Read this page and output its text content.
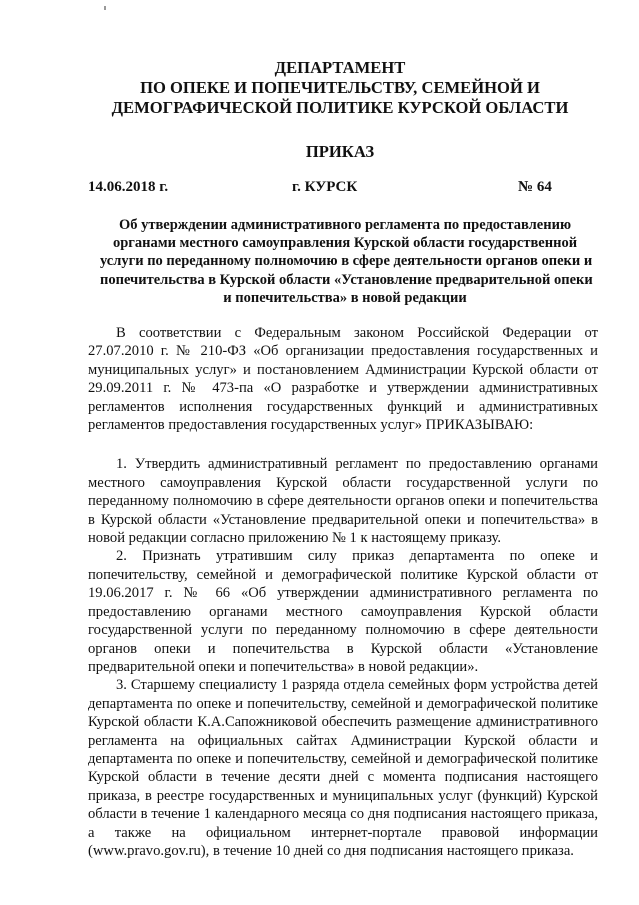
ДЕПАРТАМЕНТ
ПО ОПЕКЕ И ПОПЕЧИТЕЛЬСТВУ, СЕМЕЙНОЙ И
ДЕМОГРАФИЧЕСКОЙ ПОЛИТИКЕ КУРСКОЙ ОБЛАСТИ
ПРИКАЗ
14.06.2018 г.	г. КУРСК	№ 64
Об утверждении административного регламента по предоставлению
органами местного самоуправления Курской области государственной
услуги по переданному полномочию в сфере деятельности органов опеки и
попечительства в Курской области «Установление предварительной опеки
и попечительства» в новой редакции

В соответствии с Федеральным законом Российской Федерации от 27.07.2010 г. № 210-ФЗ «Об организации предоставления государственных и муниципальных услуг» и постановлением Администрации Курской области от 29.09.2011 г. № 473-па «О разработке и утверждении административных регламентов исполнения государственных функций и административных регламентов предоставления государственных услуг» ПРИКАЗЫВАЮ:

1. Утвердить административный регламент по предоставлению органами местного самоуправления Курской области государственной услуги по переданному полномочию в сфере деятельности органов опеки и попечительства в Курской области «Установление предварительной опеки и попечительства» в новой редакции согласно приложению № 1 к настоящему приказу.

2. Признать утратившим силу приказ департамента по опеке и попечительству, семейной и демографической политике Курской области от 19.06.2017 г. № 66 «Об утверждении административного регламента по предоставлению органами местного самоуправления Курской области государственной услуги по переданному полномочию в сфере деятельности органов опеки и попечительства в Курской области «Установление предварительной опеки и попечительства» в новой редакции».

3. Старшему специалисту 1 разряда отдела семейных форм устройства детей департамента по опеке и попечительству, семейной и демографической политике Курской области К.А.Сапожниковой обеспечить размещение административного регламента на официальных сайтах Администрации Курской области и департамента по опеке и попечительству, семейной и демографической политике Курской области в течение десяти дней с момента подписания настоящего приказа, в реестре государственных и муниципальных услуг (функций) Курской области в течение 1 календарного месяца со дня подписания настоящего приказа, а также на официальном интернет-портале правовой информации (www.pravo.gov.ru), в течение 10 дней со дня подписания настоящего приказа.
